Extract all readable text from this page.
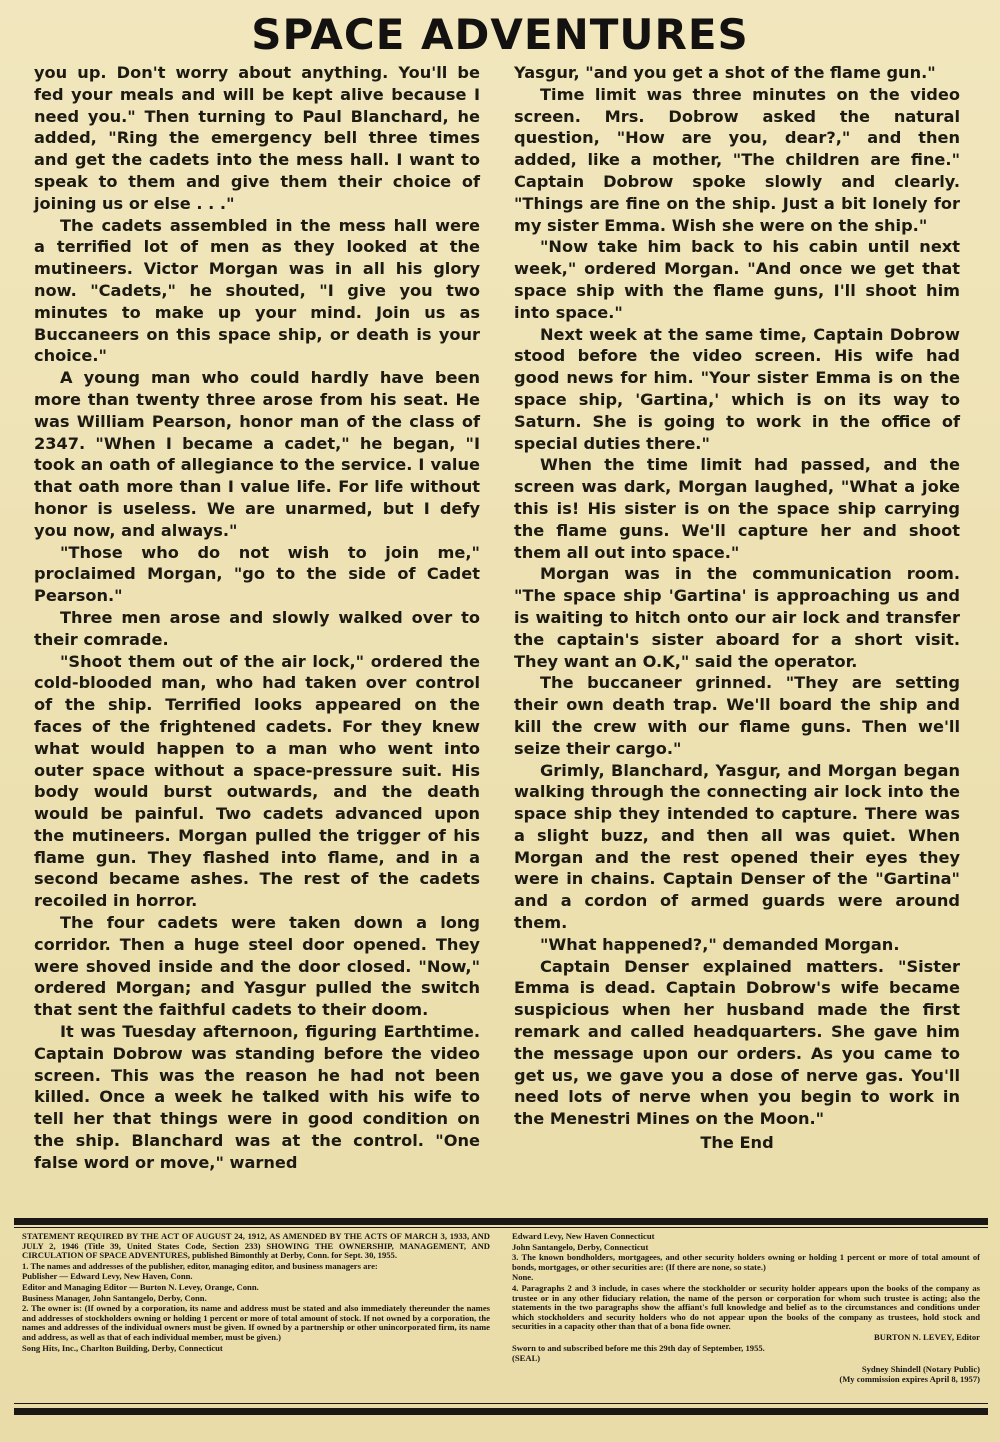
SPACE ADVENTURES

you up. Don't worry about anything. You'll be fed your meals and will be kept alive because I need you." Then turning to Paul Blanchard, he added, "Ring the emergency bell three times and get the cadets into the mess hall. I want to speak to them and give them their choice of joining us or else . . ."

The cadets assembled in the mess hall were a terrified lot of men as they looked at the mutineers. Victor Morgan was in all his glory now. "Cadets," he shouted, "I give you two minutes to make up your mind. Join us as Buccaneers on this space ship, or death is your choice."

A young man who could hardly have been more than twenty three arose from his seat. He was William Pearson, honor man of the class of 2347. "When I became a cadet," he began, "I took an oath of allegiance to the service. I value that oath more than I value life. For life without honor is useless. We are unarmed, but I defy you now, and always."

"Those who do not wish to join me," proclaimed Morgan, "go to the side of Cadet Pearson."

Three men arose and slowly walked over to their comrade.

"Shoot them out of the air lock," ordered the cold-blooded man, who had taken over control of the ship. Terrified looks appeared on the faces of the frightened cadets. For they knew what would happen to a man who went into outer space without a space-pressure suit. His body would burst outwards, and the death would be painful. Two cadets advanced upon the mutineers. Morgan pulled the trigger of his flame gun. They flashed into flame, and in a second became ashes. The rest of the cadets recoiled in horror.

The four cadets were taken down a long corridor. Then a huge steel door opened. They were shoved inside and the door closed. "Now," ordered Morgan; and Yasgur pulled the switch that sent the faithful cadets to their doom.

It was Tuesday afternoon, figuring Earthtime. Captain Dobrow was standing before the video screen. This was the reason he had not been killed. Once a week he talked with his wife to tell her that things were in good condition on the ship. Blanchard was at the control. "One false word or move," warned

Yasgur, "and you get a shot of the flame gun."

Time limit was three minutes on the video screen. Mrs. Dobrow asked the natural question, "How are you, dear?," and then added, like a mother, "The children are fine." Captain Dobrow spoke slowly and clearly. "Things are fine on the ship. Just a bit lonely for my sister Emma. Wish she were on the ship."

"Now take him back to his cabin until next week," ordered Morgan. "And once we get that space ship with the flame guns, I'll shoot him into space."

Next week at the same time, Captain Dobrow stood before the video screen. His wife had good news for him. "Your sister Emma is on the space ship, 'Gartina,' which is on its way to Saturn. She is going to work in the office of special duties there."

When the time limit had passed, and the screen was dark, Morgan laughed, "What a joke this is! His sister is on the space ship carrying the flame guns. We'll capture her and shoot them all out into space."

Morgan was in the communication room. "The space ship 'Gartina' is approaching us and is waiting to hitch onto our air lock and transfer the captain's sister aboard for a short visit. They want an O.K," said the operator.

The buccaneer grinned. "They are setting their own death trap. We'll board the ship and kill the crew with our flame guns. Then we'll seize their cargo."

Grimly, Blanchard, Yasgur, and Morgan began walking through the connecting air lock into the space ship they intended to capture. There was a slight buzz, and then all was quiet. When Morgan and the rest opened their eyes they were in chains. Captain Denser of the "Gartina" and a cordon of armed guards were around them.

"What happened?," demanded Morgan.

Captain Denser explained matters. "Sister Emma is dead. Captain Dobrow's wife became suspicious when her husband made the first remark and called headquarters. She gave him the message upon our orders. As you came to get us, we gave you a dose of nerve gas. You'll need lots of nerve when you begin to work in the Menestri Mines on the Moon."

The End

STATEMENT REQUIRED BY THE ACT OF AUGUST 24, 1912, AS AMENDED BY THE ACTS OF MARCH 3, 1933, AND JULY 2, 1946 (Title 39, United States Code, Section 233) SHOWING THE OWNERSHIP, MANAGEMENT, AND CIRCULATION OF SPACE ADVENTURES, published Bimonthly at Derby, Conn. for Sept. 30, 1955.

1. The names and addresses of the publisher, editor, managing editor, and business managers are:

Publisher — Edward Levy, New Haven, Conn.

Editor and Managing Editor — Burton N. Levey, Orange, Conn.

Business Manager, John Santangelo, Derby, Conn.

2. The owner is: (If owned by a corporation, its name and address must be stated and also immediately thereunder the names and addresses of stockholders owning or holding 1 percent or more of total amount of stock. If not owned by a corporation, the names and addresses of the individual owners must be given. If owned by a partnership or other unincorporated firm, its name and address, as well as that of each individual member, must be given.)

Song Hits, Inc., Charlton Building, Derby, Connecticut

Edward Levy, New Haven Connecticut

John Santangelo, Derby, Connecticut

3. The known bondholders, mortgagees, and other security holders owning or holding 1 percent or more of total amount of bonds, mortgages, or other securities are: (If there are none, so state.)

None.

4. Paragraphs 2 and 3 include, in cases where the stockholder or security holder appears upon the books of the company as trustee or in any other fiduciary relation, the name of the person or corporation for whom such trustee is acting; also the statements in the two paragraphs show the affiant's full knowledge and belief as to the circumstances and conditions under which stockholders and security holders who do not appear upon the books of the company as trustees, hold stock and securities in a capacity other than that of a bona fide owner.

BURTON N. LEVEY, Editor

Sworn to and subscribed before me this 29th day of September, 1955.

(SEAL)

Sydney Shindell (Notary Public)

(My commission expires April 8, 1957)
